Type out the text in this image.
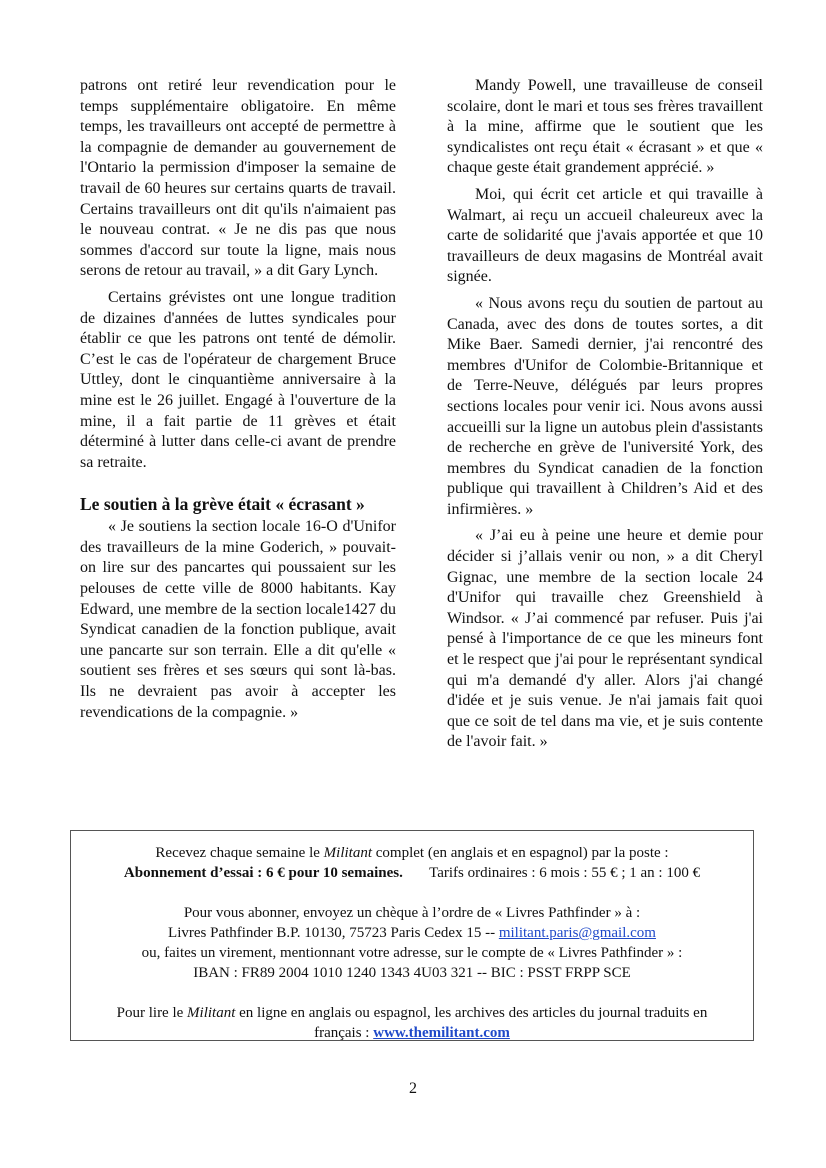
patrons ont retiré leur revendication pour le temps supplémentaire obligatoire. En même temps, les travailleurs ont accepté de permettre à la compagnie de demander au gouvernement de l'Ontario la permission d'imposer la semaine de travail de 60 heures sur certains quarts de travail. Certains travailleurs ont dit qu'ils n'aimaient pas le nouveau contrat. « Je ne dis pas que nous sommes d'accord sur toute la ligne, mais nous serons de retour au travail, » a dit Gary Lynch.

Certains grévistes ont une longue tradition de dizaines d'années de luttes syndicales pour établir ce que les patrons ont tenté de démolir. C’est le cas de l'opérateur de chargement Bruce Uttley, dont le cinquantième anniversaire à la mine est le 26 juillet. Engagé à l'ouverture de la mine, il a fait partie de 11 grèves et était déterminé à lutter dans celle-ci avant de prendre sa retraite.

Le soutien à la grève était « écrasant »

« Je soutiens la section locale 16-O d'Unifor des travailleurs de la mine Goderich, » pouvait-on lire sur des pancartes qui poussaient sur les pelouses de cette ville de 8000 habitants. Kay Edward, une membre de la section locale1427 du Syndicat canadien de la fonction publique, avait une pancarte sur son terrain. Elle a dit qu'elle « soutient ses frères et ses sœurs qui sont là-bas. Ils ne devraient pas avoir à accepter les revendications de la compagnie. »

Mandy Powell, une travailleuse de conseil scolaire, dont le mari et tous ses frères travaillent à la mine, affirme que le soutient que les syndicalistes ont reçu était « écrasant » et que « chaque geste était grandement apprécié. »

Moi, qui écrit cet article et qui travaille à Walmart, ai reçu un accueil chaleureux avec la carte de solidarité que j'avais apportée et que 10 travailleurs de deux magasins de Montréal avait signée.

« Nous avons reçu du soutien de partout au Canada, avec des dons de toutes sortes, a dit Mike Baer. Samedi dernier, j'ai rencontré des membres d'Unifor de Colombie-Britannique et de Terre-Neuve, délégués par leurs propres sections locales pour venir ici. Nous avons aussi accueilli sur la ligne un autobus plein d'assistants de recherche en grève de l'université York, des membres du Syndicat canadien de la fonction publique qui travaillent à Children’s Aid et des infirmières. »

« J’ai eu à peine une heure et demie pour décider si j’allais venir ou non, » a dit Cheryl Gignac, une membre de la section locale 24 d'Unifor qui travaille chez Greenshield à Windsor. « J’ai commencé par refuser. Puis j'ai pensé à l'importance de ce que les mineurs font et le respect que j'ai pour le représentant syndical qui m'a demandé d'y aller. Alors j'ai changé d'idée et je suis venue. Je n'ai jamais fait quoi que ce soit de tel dans ma vie, et je suis contente de l'avoir fait. »

Recevez chaque semaine le Militant complet (en anglais et en espagnol) par la poste :
Abonnement d’essai : 6 € pour 10 semaines. Tarifs ordinaires : 6 mois : 55 € ; 1 an : 100 €
Pour vous abonner, envoyez un chèque à l’ordre de « Livres Pathfinder » à :
Livres Pathfinder B.P. 10130, 75723 Paris Cedex 15 -- militant.paris@gmail.com
ou, faites un virement, mentionnant votre adresse, sur le compte de « Livres Pathfinder » :
IBAN : FR89 2004 1010 1240 1343 4U03 321 -- BIC : PSST FRPP SCE
Pour lire le Militant en ligne en anglais ou espagnol, les archives des articles du journal traduits en
français : www.themilitant.com
2
